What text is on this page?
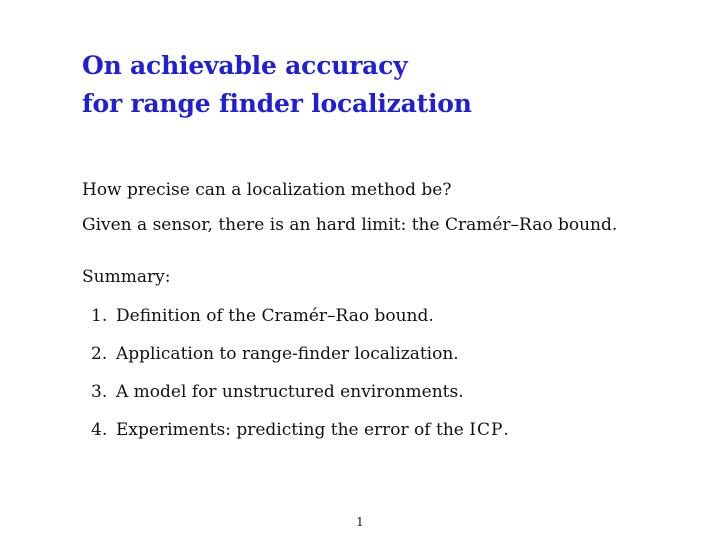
On achievable accuracy
for range finder localization
How precise can a localization method be?
Given a sensor, there is an hard limit: the Cramér–Rao bound.
Summary:
1. Definition of the Cramér–Rao bound.
2. Application to range-finder localization.
3. A model for unstructured environments.
4. Experiments: predicting the error of the ICP.
1
